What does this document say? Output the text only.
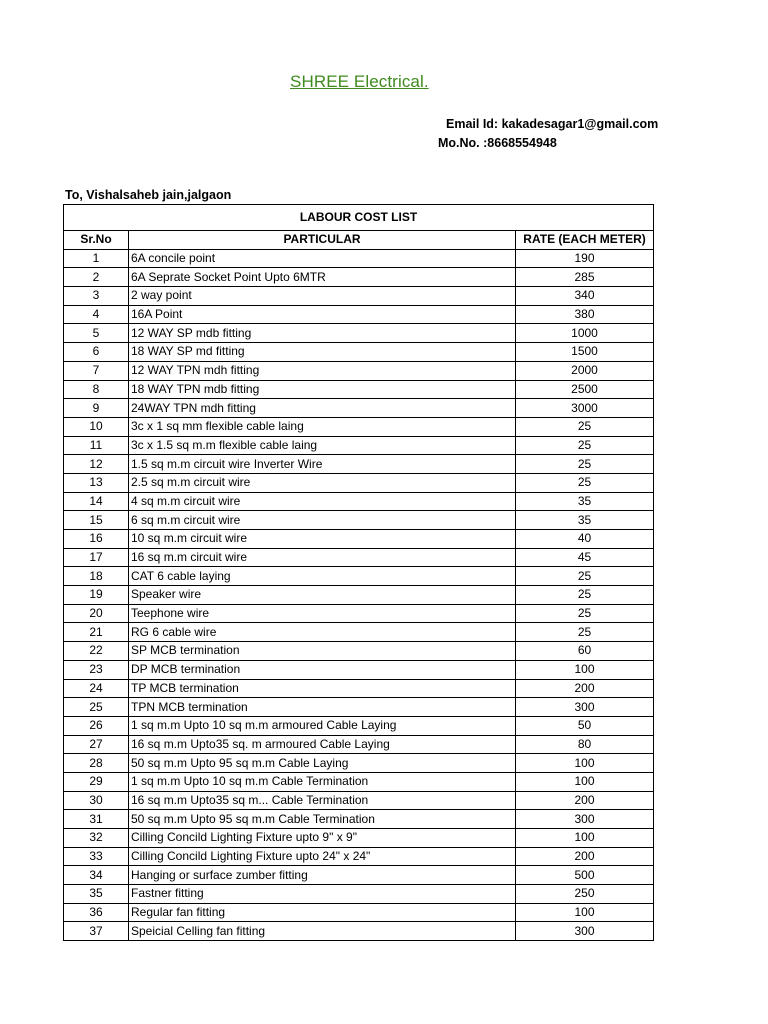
SHREE Electrical.
Email Id: kakadesagar1@gmail.com
Mo.No. :8668554948
To, Vishalsaheb jain,jalgaon
LABOUR COST LIST		
Sr.No	PARTICULAR	RATE (EACH METER)
1	6A concile point	190
2	6A Seprate Socket Point Upto 6MTR	285
3	2 way point	340
4	16A Point	380
5	12 WAY SP mdb fitting	1000
6	18 WAY SP md fitting	1500
7	12 WAY TPN mdh fitting	2000
8	18 WAY TPN mdb fitting	2500
9	24WAY TPN mdh fitting	3000
10	3c x 1 sq mm flexible cable laing	25
11	3c x 1.5 sq m.m flexible cable laing	25
12	1.5 sq m.m circuit wire Inverter Wire	25
13	2.5 sq m.m circuit wire	25
14	4 sq m.m circuit wire	35
15	6 sq m.m circuit wire	35
16	10 sq m.m circuit wire	40
17	16 sq m.m circuit wire	45
18	CAT 6 cable laying	25
19	Speaker wire	25
20	Teephone wire	25
21	RG 6 cable wire	25
22	SP MCB termination	60
23	DP MCB termination	100
24	TP MCB termination	200
25	TPN MCB termination	300
26	1 sq m.m Upto 10 sq m.m armoured Cable Laying	50
27	16 sq m.m Upto35 sq. m armoured Cable Laying	80
28	50 sq m.m Upto 95 sq m.m Cable Laying	100
29	1 sq m.m Upto 10 sq m.m Cable Termination	100
30	16 sq m.m Upto35 sq m... Cable Termination	200
31	50 sq m.m Upto 95 sq m.m Cable Termination	300
32	Cilling Concild Lighting Fixture upto 9" x 9"	100
33	Cilling Concild Lighting Fixture upto 24" x 24"	200
34	Hanging or surface zumber fitting	500
35	Fastner fitting	250
36	Regular fan fitting	100
37	Speicial Celling fan fitting	300
